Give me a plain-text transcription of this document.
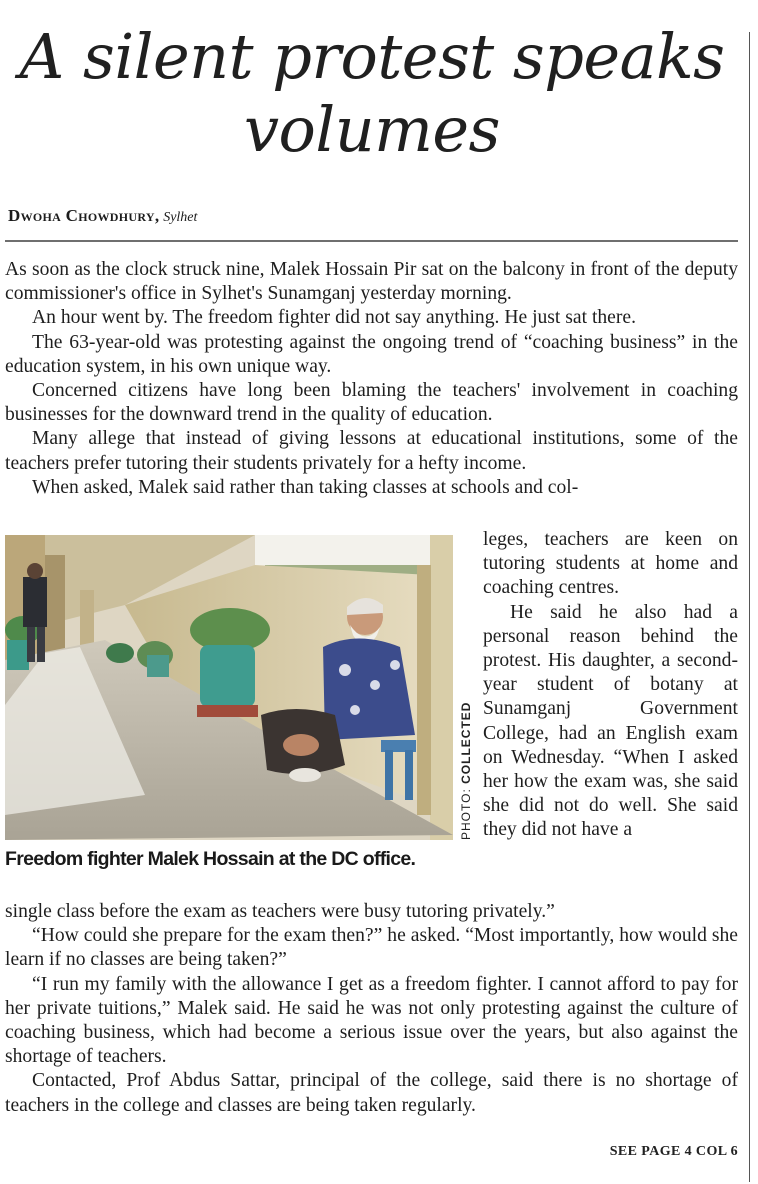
A silent protest speaks
volumes
Dwoha Chowdhury, Sylhet

As soon as the clock struck nine, Malek Hossain Pir sat on the balcony in front of the deputy commissioner's office in Sylhet's Sunamganj yesterday morning.

An hour went by. The freedom fighter did not say anything. He just sat there.

The 63-year-old was protesting against the ongoing trend of “coaching business” in the education system, in his own unique way.

Concerned citizens have long been blaming the teachers' involvement in coaching businesses for the downward trend in the quality of education.

Many allege that instead of giving lessons at educational institutions, some of the teachers prefer tutoring their students privately for a hefty income.

When asked, Malek said rather than taking classes at schools and col-

PHOTO: COLLECTED
Freedom fighter Malek Hossain at the DC office.

leges, teachers are keen on tutoring students at home and coaching centres.

He said he also had a personal reason behind the protest. His daughter, a second-year student of botany at Sunamganj Government College, had an English exam on Wednesday. “When I asked her how the exam was, she said she did not do well. She said they did not have a

single class before the exam as teachers were busy tutoring privately.”

“How could she prepare for the exam then?” he asked. “Most importantly, how would she learn if no classes are being taken?”

“I run my family with the allowance I get as a freedom fighter. I cannot afford to pay for her private tuitions,” Malek said. He said he was not only protesting against the culture of coaching business, which had become a serious issue over the years, but also against the shortage of teachers.

Contacted, Prof Abdus Sattar, principal of the college, said there is no shortage of teachers in the college and classes are being taken regularly.

SEE PAGE 4 COL 6
